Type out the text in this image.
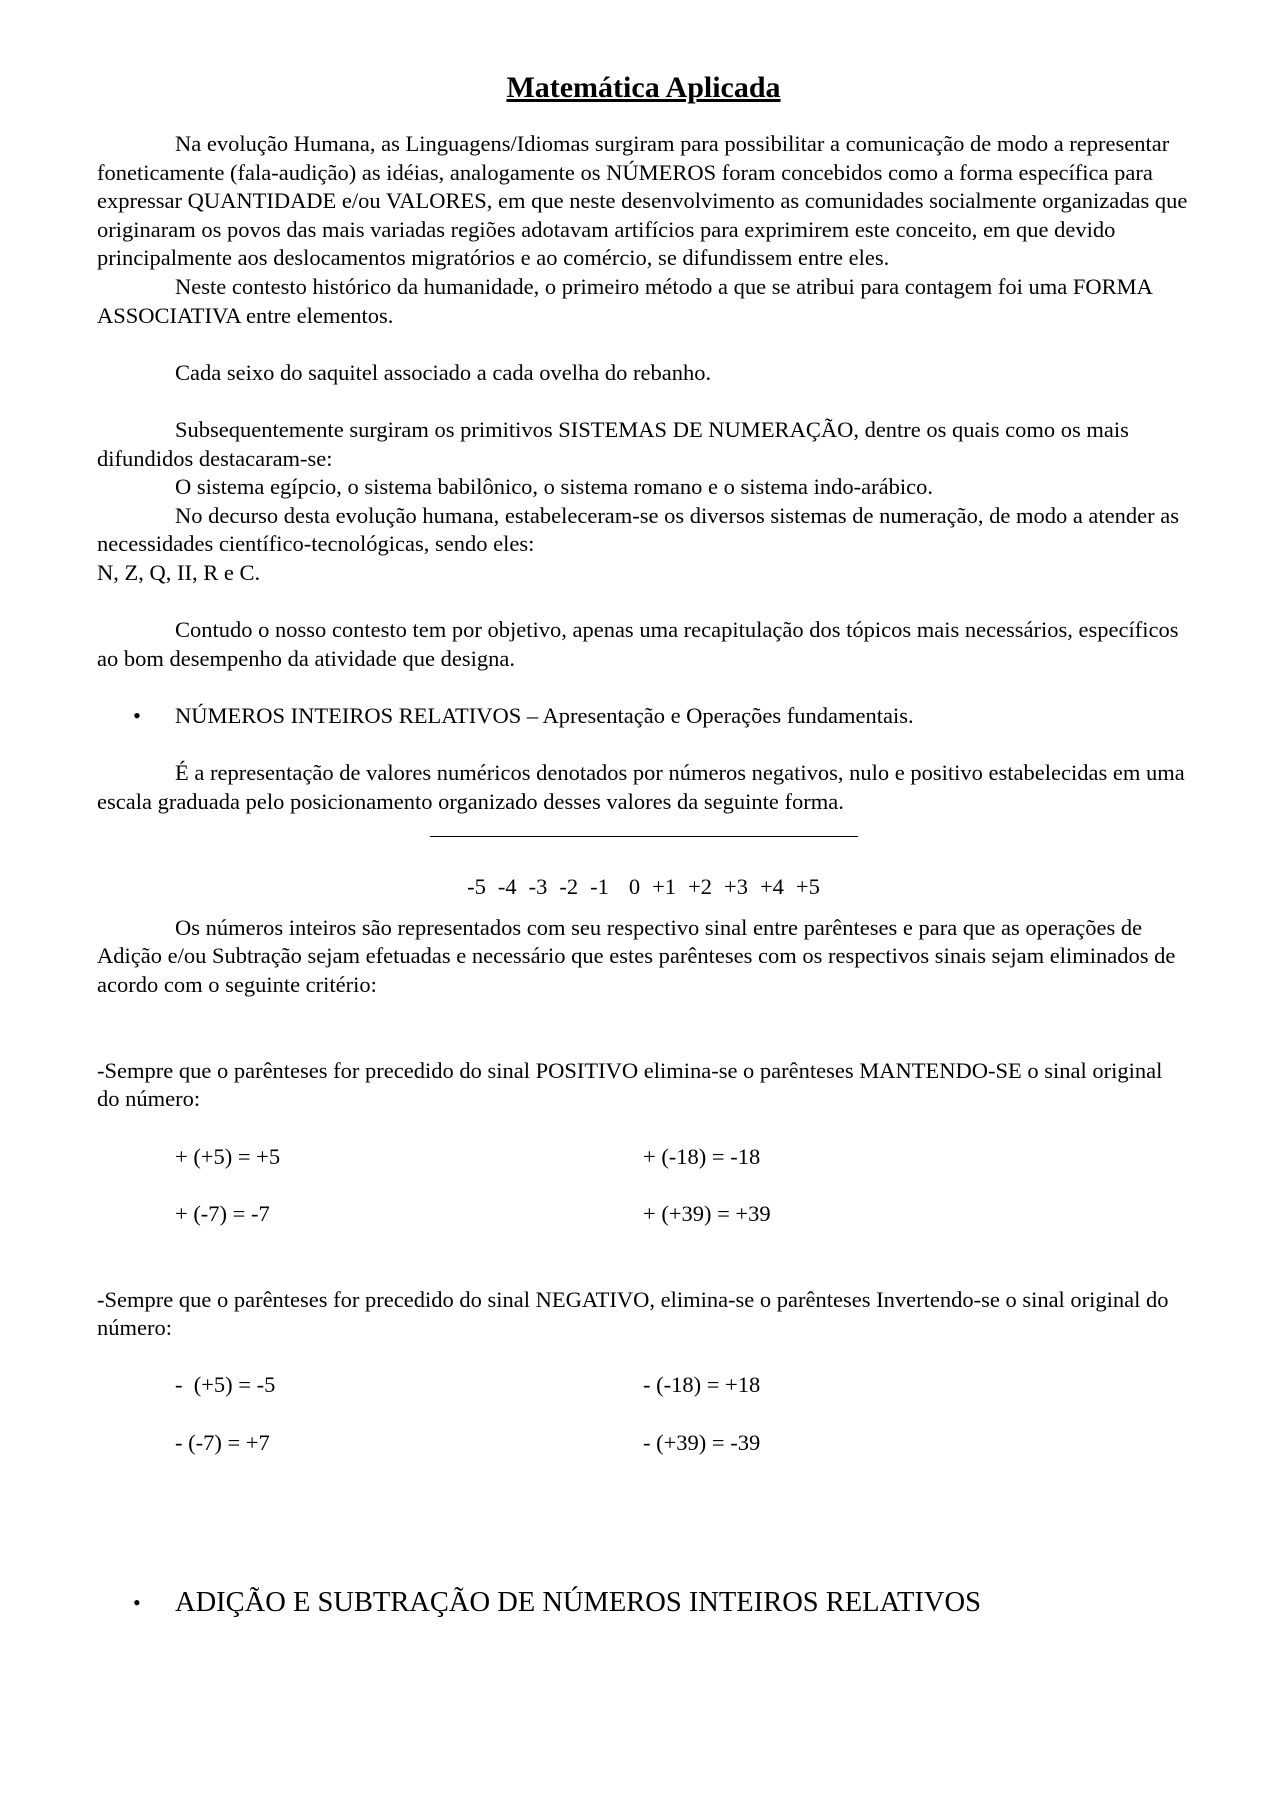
Matemática Aplicada

Na evolução Humana, as Linguagens/Idiomas surgiram para possibilitar a comunicação de modo a representar foneticamente (fala-audição) as idéias, analogamente os NÚMEROS foram concebidos como a forma específica para expressar QUANTIDADE e/ou VALORES, em que neste desenvolvimento as comunidades socialmente organizadas que originaram os povos das mais variadas regiões adotavam artifícios para exprimirem este conceito, em que devido principalmente aos deslocamentos migratórios e ao comércio, se difundissem entre eles.

Neste contesto histórico da humanidade, o primeiro método a que se atribui para contagem foi uma FORMA ASSOCIATIVA entre elementos.

Cada seixo do saquitel associado a cada ovelha do rebanho.

Subsequentemente surgiram os primitivos SISTEMAS DE NUMERAÇÃO, dentre os quais como os mais difundidos destacaram-se:

O sistema egípcio, o sistema babilônico, o sistema romano e o sistema indo-arábico.

No decurso desta evolução humana, estabeleceram-se os diversos sistemas de numeração, de modo a atender as necessidades científico-tecnológicas, sendo eles:

N, Z, Q, II, R e C.

Contudo o nosso contesto tem por objetivo, apenas uma recapitulação dos tópicos mais necessários, específicos ao bom desempenho da atividade que designa.

• NÚMEROS INTEIROS RELATIVOS – Apresentação e Operações fundamentais.

É a representação de valores numéricos denotados por números negativos, nulo e positivo estabelecidas em uma escala graduada pelo posicionamento organizado desses valores da seguinte forma.

-5 -4 -3 -2 -1 0 +1 +2 +3 +4 +5

Os números inteiros são representados com seu respectivo sinal entre parênteses e para que as operações de Adição e/ou Subtração sejam efetuadas e necessário que estes parênteses com os respectivos sinais sejam eliminados de acordo com o seguinte critério:

-Sempre que o parênteses for precedido do sinal POSITIVO elimina-se o parênteses MANTENDO-SE o sinal original do número:

+ (+5) = +5	+ (-18) = -18
+ (-7) = -7	+ (+39) = +39

-Sempre que o parênteses for precedido do sinal NEGATIVO, elimina-se o parênteses Invertendo-se o sinal original do número:

-  (+5) = -5	- (-18) = +18
- (-7) = +7	- (+39) = -39

• ADIÇÃO E SUBTRAÇÃO DE NÚMEROS INTEIROS RELATIVOS
